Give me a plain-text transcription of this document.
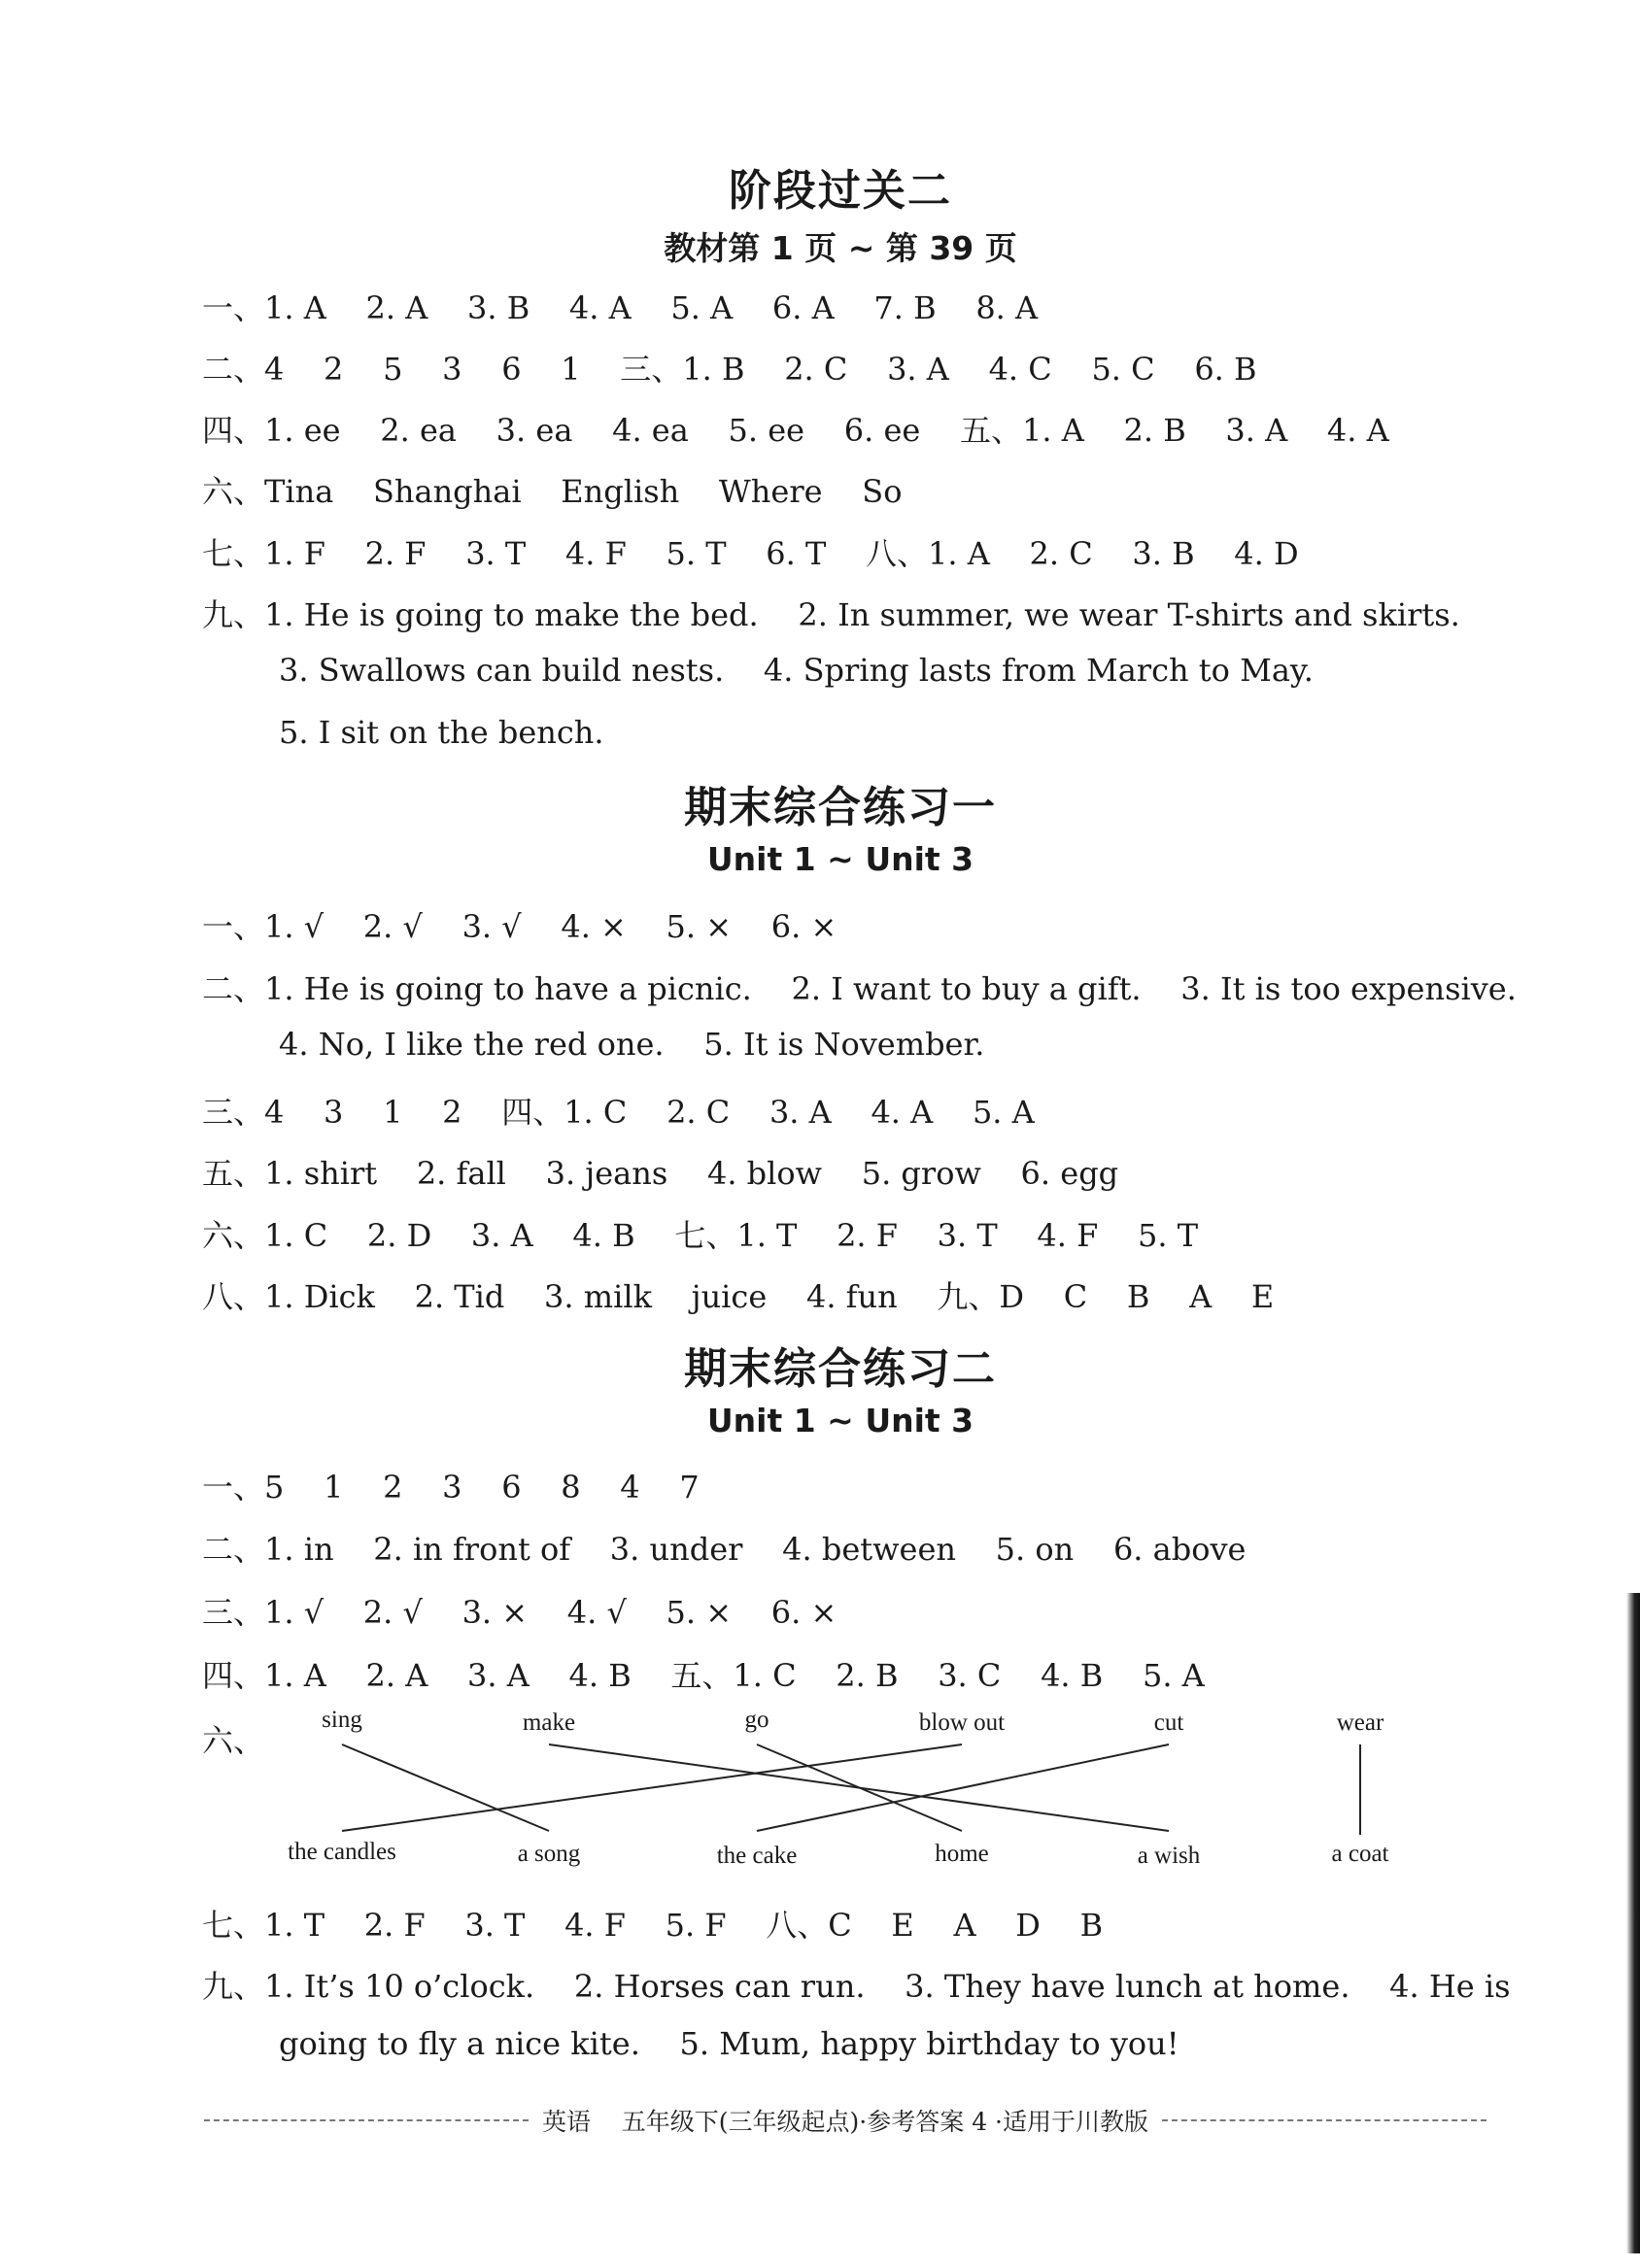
阶段过关二
教材第 1 页 ~ 第 39 页
一、1. A    2. A    3. B    4. A    5. A    6. A    7. B    8. A
二、4    2    5    3    6    1    三、1. B    2. C    3. A    4. C    5. C    6. B
四、1. ee    2. ea    3. ea    4. ea    5. ee    6. ee    五、1. A    2. B    3. A    4. A
六、Tina    Shanghai    English    Where    So
七、1. F    2. F    3. T    4. F    5. T    6. T    八、1. A    2. C    3. B    4. D
九、1. He is going to make the bed.    2. In summer, we wear T-shirts and skirts.
3. Swallows can build nests.    4. Spring lasts from March to May.
5. I sit on the bench.
期末综合练习一
Unit 1 ~ Unit 3
一、1. √    2. √    3. √    4. ×    5. ×    6. ×
二、1. He is going to have a picnic.    2. I want to buy a gift.    3. It is too expensive.
4. No, I like the red one.    5. It is November.
三、4    3    1    2    四、1. C    2. C    3. A    4. A    5. A
五、1. shirt    2. fall    3. jeans    4. blow    5. grow    6. egg
六、1. C    2. D    3. A    4. B    七、1. T    2. F    3. T    4. F    5. T
八、1. Dick    2. Tid    3. milk    juice    4. fun    九、D    C    B    A    E
期末综合练习二
Unit 1 ~ Unit 3
一、5    1    2    3    6    8    4    7
二、1. in    2. in front of    3. under    4. between    5. on    6. above
三、1. √    2. √    3. ×    4. √    5. ×    6. ×
四、1. A    2. A    3. A    4. B    五、1. C    2. B    3. C    4. B    5. A
六、
sing	make	go	blow out	cut	wear
the candles	a song	the cake	home	a wish	a coat
七、1. T    2. F    3. T    4. F    5. F    八、C    E    A    D    B
九、1. It’s 10 o’clock.    2. Horses can run.    3. They have lunch at home.    4. He is
going to fly a nice kite.    5. Mum, happy birthday to you!
英语    五年级下(三年级起点)·参考答案 4 ·适用于川教版
